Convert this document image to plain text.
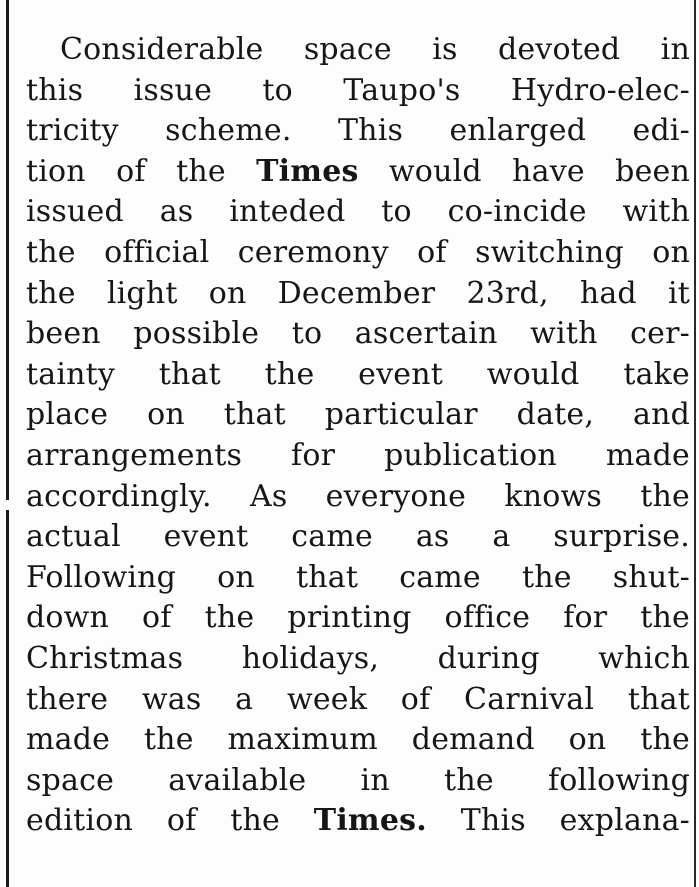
Considerable space is devoted in
this issue to Taupo's Hydro-elec-
tricity scheme. This enlarged edi-
tion of the Times would have been
issued as inteded to co-incide with
the official ceremony of switching on
the light on December 23rd, had it
been possible to ascertain with cer-
tainty that the event would take
place on that particular date, and
arrangements for publication made
accordingly. As everyone knows the
actual event came as a surprise.
Following on that came the shut-
down of the printing office for the
Christmas holidays, during which
there was a week of Carnival that
made the maximum demand on the
space available in the following
edition of the Times. This explana-
